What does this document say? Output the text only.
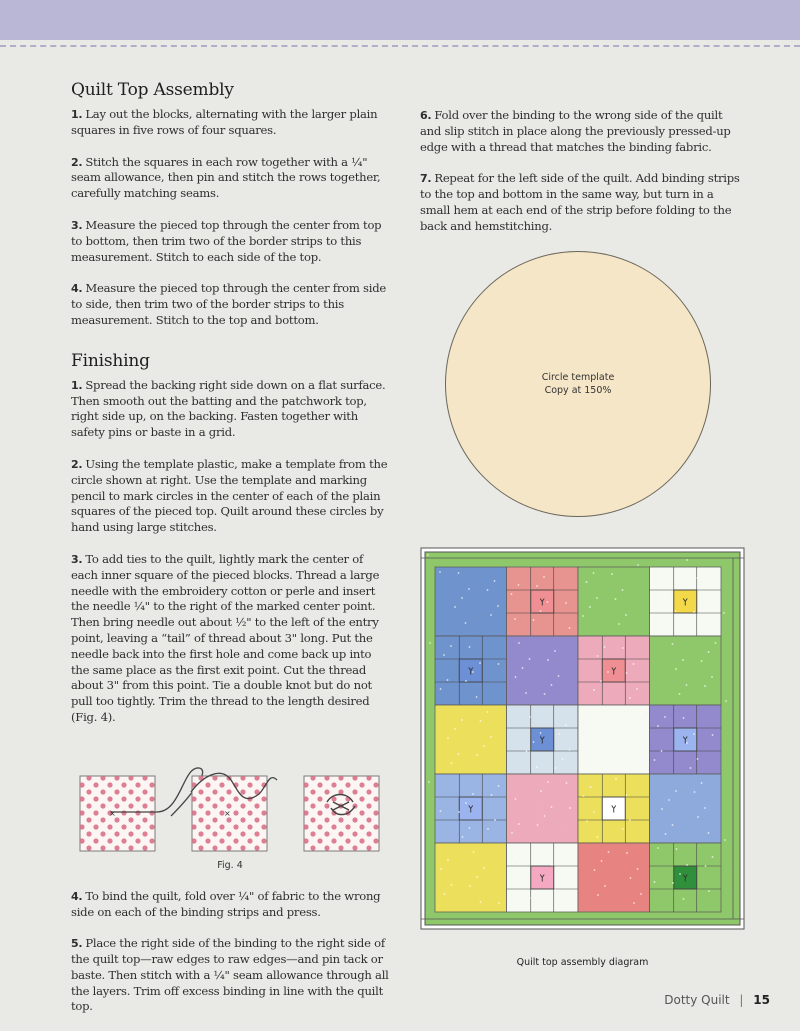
Quilt Top Assembly

1. Lay out the blocks, alternating with the larger plain squares in five rows of four squares.

2. Stitch the squares in each row together with a ¼" seam allowance, then pin and stitch the rows together, carefully matching seams.

3. Measure the pieced top through the center from top to bottom, then trim two of the border strips to this measurement. Stitch to each side of the top.

4. Measure the pieced top through the center from side to side, then trim two of the border strips to this measurement. Stitch to the top and bottom.

Finishing

1. Spread the backing right side down on a flat surface. Then smooth out the batting and the patchwork top, right side up, on the backing. Fasten together with safety pins or baste in a grid.

2. Using the template plastic, make a template from the circle shown at right. Use the template and marking pencil to mark circles in the center of each of the plain squares of the pieced top. Quilt around these circles by hand using large stitches.

3. To add ties to the quilt, lightly mark the center of each inner square of the pieced blocks. Thread a large needle with the embroidery cotton or perle and insert the needle ¼" to the right of the marked center point. Then bring needle out about ½" to the left of the entry point, leaving a “tail” of thread about 3" long. Put the needle back into the first hole and come back up into the same place as the first exit point. Cut the thread about 3" from this point. Tie a double knot but do not pull too tightly. Trim the thread to the length desired (Fig. 4).

×	×
Fig. 4

4. To bind the quilt, fold over ¼" of fabric to the wrong side on each of the binding strips and press.

5. Place the right side of the binding to the right side of the quilt top—raw edges to raw edges—and pin tack or baste. Then stitch with a ¼" seam allowance through all the layers. Trim off excess binding in line with the quilt top.

6. Fold over the binding to the wrong side of the quilt and slip stitch in place along the previously pressed-up edge with a thread that matches the binding fabric.

7. Repeat for the left side of the quilt. Add binding strips to the top and bottom in the same way, but turn in a small hem at each end of the strip before folding to the back and hemstitching.

Circle template
Copy at 150%
Quilt top assembly diagram
Dotty Quilt | 15
